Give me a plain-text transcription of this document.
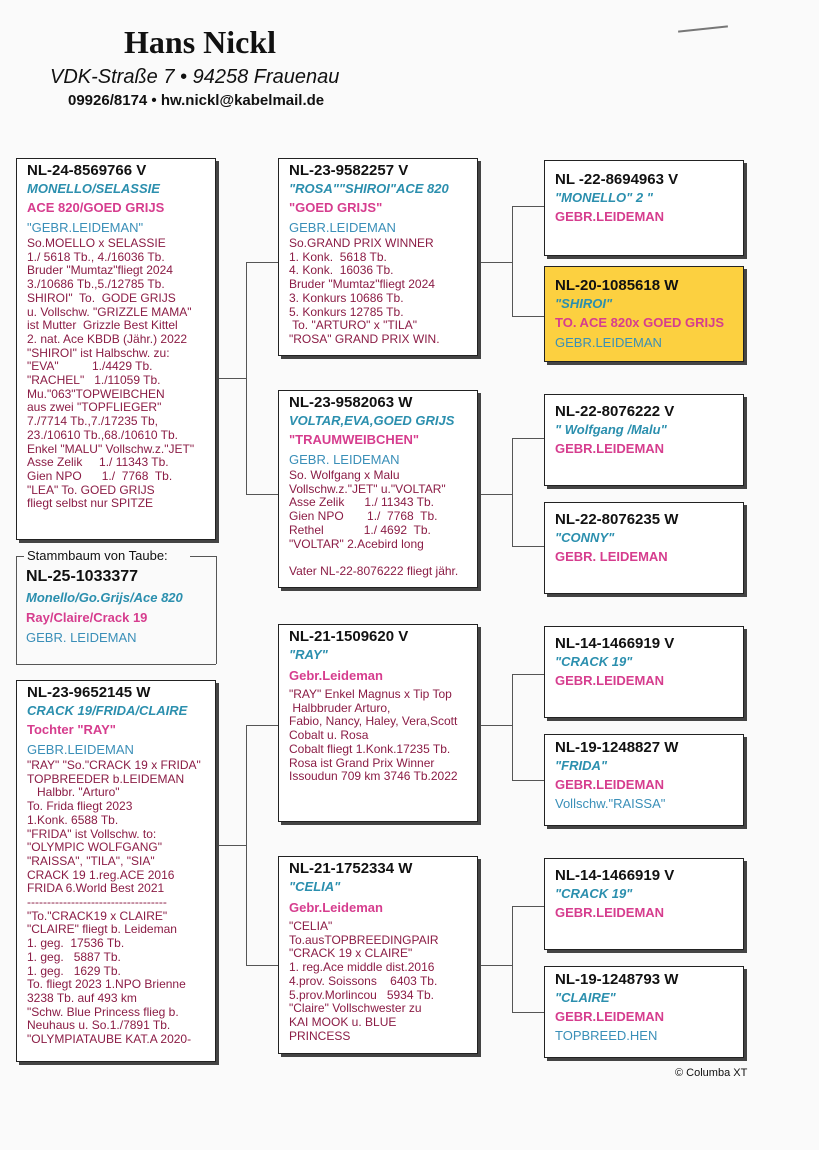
Hans Nickl
VDK-Straße 7 • 94258 Frauenau
09926/8174 • hw.nickl@kabelmail.de
Stammbaum von Taube:
NL-25-1033377
Monello/Go.Grijs/Ace 820
Ray/Claire/Crack 19
GEBR. LEIDEMAN
NL-24-8569766 V
MONELLO/SELASSIE
ACE 820/GOED GRIJS
"GEBR.LEIDEMAN"
So.MOELLO x SELASSIE
1./ 5618 Tb., 4./16036 Tb.
Bruder "Mumtaz"fliegt 2024
3./10686 Tb.,5./12785 Tb.
SHIROI"  To.  GODE GRIJS
u. Vollschw. "GRIZZLE MAMA"
ist Mutter  Grizzle Best Kittel
2. nat. Ace KBDB (Jähr.) 2022
"SHIROI" ist Halbschw. zu:
"EVA"          1./4429 Tb.
"RACHEL"   1./11059 Tb.
Mu."063"TOPWEIBCHEN
aus zwei "TOPFLIEGER"
7./7714 Tb.,7./17235 Tb,
23./10610 Tb.,68./10610 Tb.
Enkel "MALU" Vollschw.z."JET"
Asse Zelik     1./ 11343 Tb.
Gien NPO      1./  7768  Tb.
"LEA" To. GOED GRIJS
fliegt selbst nur SPITZE
NL-23-9652145 W
CRACK 19/FRIDA/CLAIRE
Tochter "RAY"
GEBR.LEIDEMAN
"RAY" "So."CRACK 19 x FRIDA"
TOPBREEDER b.LEIDEMAN
Halbbr. "Arturo"
To. Frida fliegt 2023
1.Konk. 6588 Tb.
"FRIDA" ist Vollschw. to:
"OLYMPIC WOLFGANG"
"RAISSA", "TILA", "SIA"
CRACK 19 1.reg.ACE 2016
FRIDA 6.World Best 2021
-----------------------------------
"To."CRACK19 x CLAIRE"
"CLAIRE" fliegt b. Leideman
1. geg.  17536 Tb.
1. geg.   5887 Tb.
1. geg.   1629 Tb.
To. fliegt 2023 1.NPO Brienne
3238 Tb. auf 493 km
"Schw. Blue Princess flieg b.
Neuhaus u. So.1./7891 Tb.
"OLYMPIATAUBE KAT.A 2020-
NL-23-9582257 V
"ROSA""SHIROI"ACE 820
"GOED GRIJS"
GEBR.LEIDEMAN
So.GRAND PRIX WINNER
1. Konk.  5618 Tb.
4. Konk.  16036 Tb.
Bruder "Mumtaz"fliegt 2024
3. Konkurs 10686 Tb.
5. Konkurs 12785 Tb.
To. "ARTURO" x "TILA"
"ROSA" GRAND PRIX WIN.
NL-23-9582063 W
VOLTAR,EVA,GOED GRIJS
"TRAUMWEIBCHEN"
GEBR. LEIDEMAN
So. Wolfgang x Malu
Vollschw.z."JET" u."VOLTAR"
Asse Zelik      1./ 11343 Tb.
Gien NPO       1./  7768  Tb.
Rethel            1./ 4692  Tb.
"VOLTAR" 2.Acebird long

Vater NL-22-8076222 fliegt jähr.
NL-21-1509620 V
"RAY"
Gebr.Leideman
"RAY" Enkel Magnus x Tip Top
Halbbruder Arturo,
Fabio, Nancy, Haley, Vera,Scott
Cobalt u. Rosa
Cobalt fliegt 1.Konk.17235 Tb.
Rosa ist Grand Prix Winner
Issoudun 709 km 3746 Tb.2022
NL-21-1752334 W
"CELIA"
Gebr.Leideman
"CELIA"
To.ausTOPBREEDINGPAIR
"CRACK 19 x CLAIRE"
1. reg.Ace middle dist.2016
4.prov. Soissons    6403 Tb.
5.prov.Morlincou   5934 Tb.
"Claire" Vollschwester zu
KAI MOOK u. BLUE
PRINCESS
NL -22-8694963 V
"MONELLO" 2 "
GEBR.LEIDEMAN
NL-20-1085618 W
"SHIROI"
TO. ACE 820x GOED GRIJS
GEBR.LEIDEMAN
NL-22-8076222 V
" Wolfgang /Malu"
GEBR.LEIDEMAN
NL-22-8076235 W
"CONNY"
GEBR. LEIDEMAN
NL-14-1466919 V
"CRACK 19"
GEBR.LEIDEMAN
NL-19-1248827 W
"FRIDA"
GEBR.LEIDEMAN
Vollschw."RAISSA"
NL-14-1466919 V
"CRACK 19"
GEBR.LEIDEMAN
NL-19-1248793 W
"CLAIRE"
GEBR.LEIDEMAN
TOPBREED.HEN
© Columba XT
